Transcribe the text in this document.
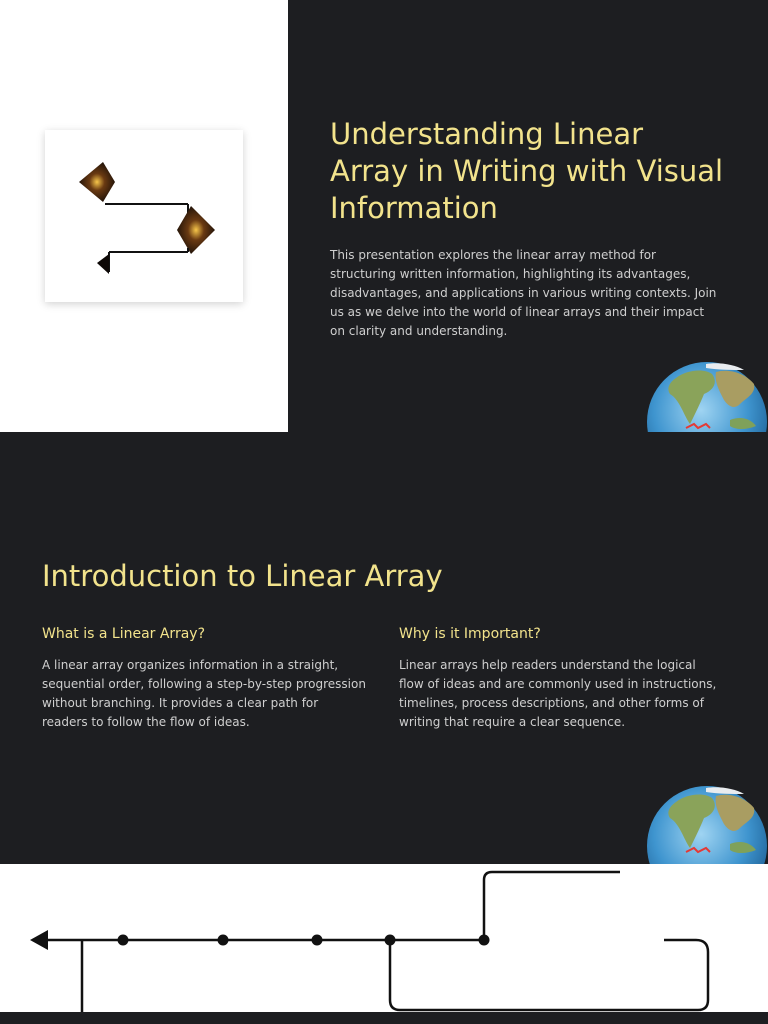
Understanding Linear Array in Writing with Visual Information

This presentation explores the linear array method for structuring written information, highlighting its advantages, disadvantages, and applications in various writing contexts. Join us as we delve into the world of linear arrays and their impact on clarity and understanding.

Introduction to Linear Array
What is a Linear Array?

A linear array organizes information in a straight, sequential order, following a step-by-step progression without branching. It provides a clear path for readers to follow the flow of ideas.

Why is it Important?

Linear arrays help readers understand the logical flow of ideas and are commonly used in instructions, timelines, process descriptions, and other forms of writing that require a clear sequence.
